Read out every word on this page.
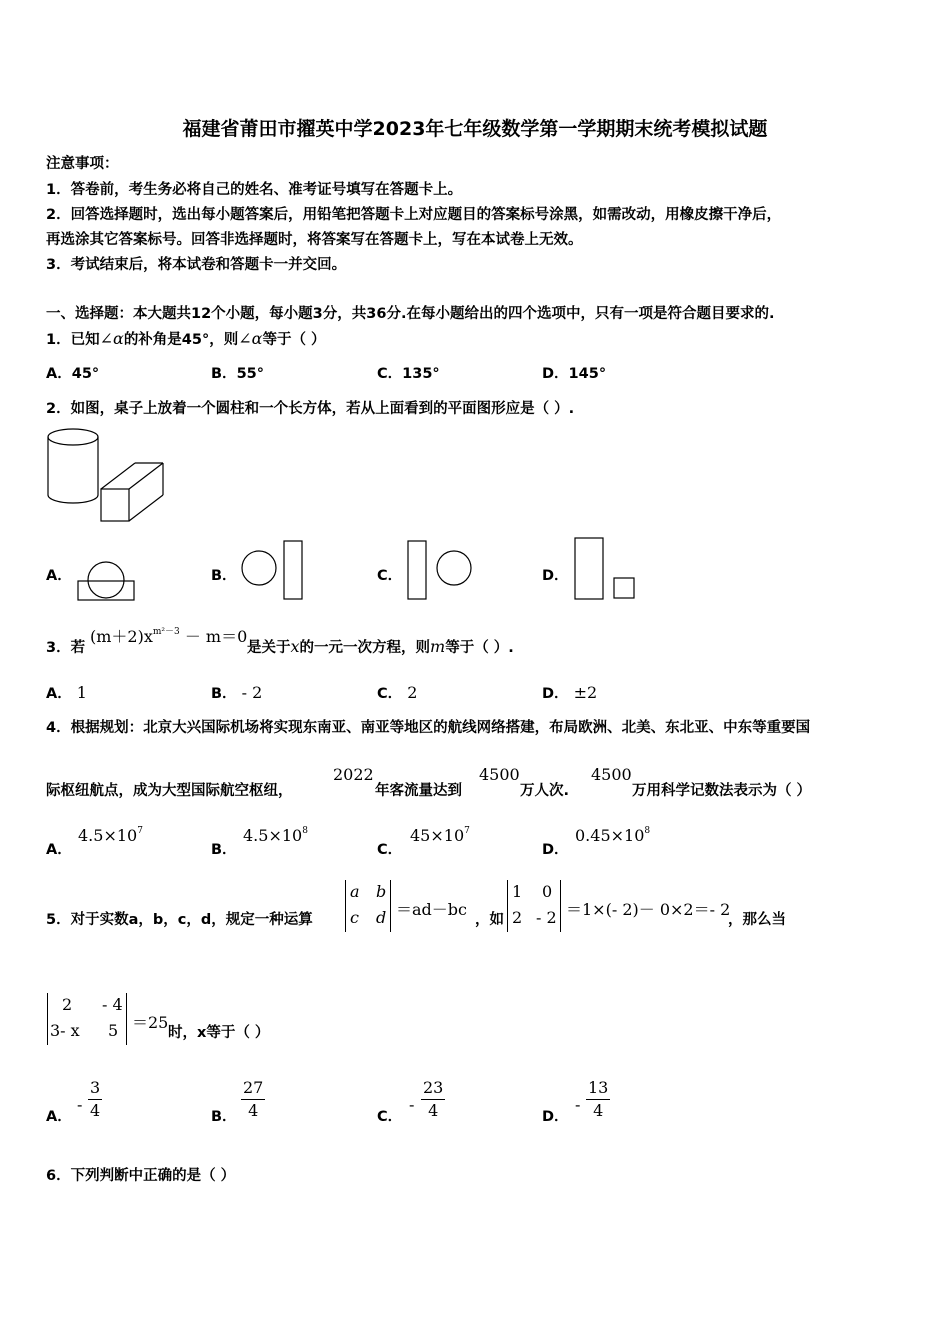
福建省莆田市擢英中学2023年七年级数学第一学期期末统考模拟试题
注意事项：
1．答卷前，考生务必将自己的姓名、准考证号填写在答题卡上。
2．回答选择题时，选出每小题答案后，用铅笔把答题卡上对应题目的答案标号涂黑，如需改动，用橡皮擦干净后，
再选涂其它答案标号。回答非选择题时，将答案写在答题卡上，写在本试卷上无效。
3．考试结束后，将本试卷和答题卡一并交回。
一、选择题：本大题共12个小题，每小题3分，共36分.在每小题给出的四个选项中，只有一项是符合题目要求的.
1．已知∠α的补角是45°，则∠α等于（ ）
A．45°	B．55°	C．135°	D．145°
2．如图，桌子上放着一个圆柱和一个长方体，若从上面看到的平面图形应是（ ）.
A．	B．	C．	D．
3．若
$(m+2)x^{m^2-3} - m=0$
是关于x的一元一次方程，则m等于（ ）.
A． 1	B． - 2	C． 2	D． ±2
4．根据规划：北京大兴国际机场将实现东南亚、南亚等地区的航线网络搭建，布局欧洲、北美、东北亚、中东等重要国
际枢纽航点，成为大型国际航空枢纽，
2022
年客流量达到
4500
万人次.
4500
万用科学记数法表示为（ ）
A．
$4.5\times 10^7$
B．
$4.5\times 10^8$
C．
$45\times 10^7$
D．
$0.45\times 10^8$
5．对于实数a，b，c，d，规定一种运算
a b
c d ＝ad－bc
，如
1 0
2 - 2 ＝1×(- 2)－ 0×2＝- 2
，那么当
2 - 4
3- x 5 ＝25
时，x等于（ ）
A．
- $\frac{3}{4}$	B． $\frac{27}{4}$	C．
- $\frac{23}{4}$	D．
- $\frac{13}{4}$
6．下列判断中正确的是（ ）
